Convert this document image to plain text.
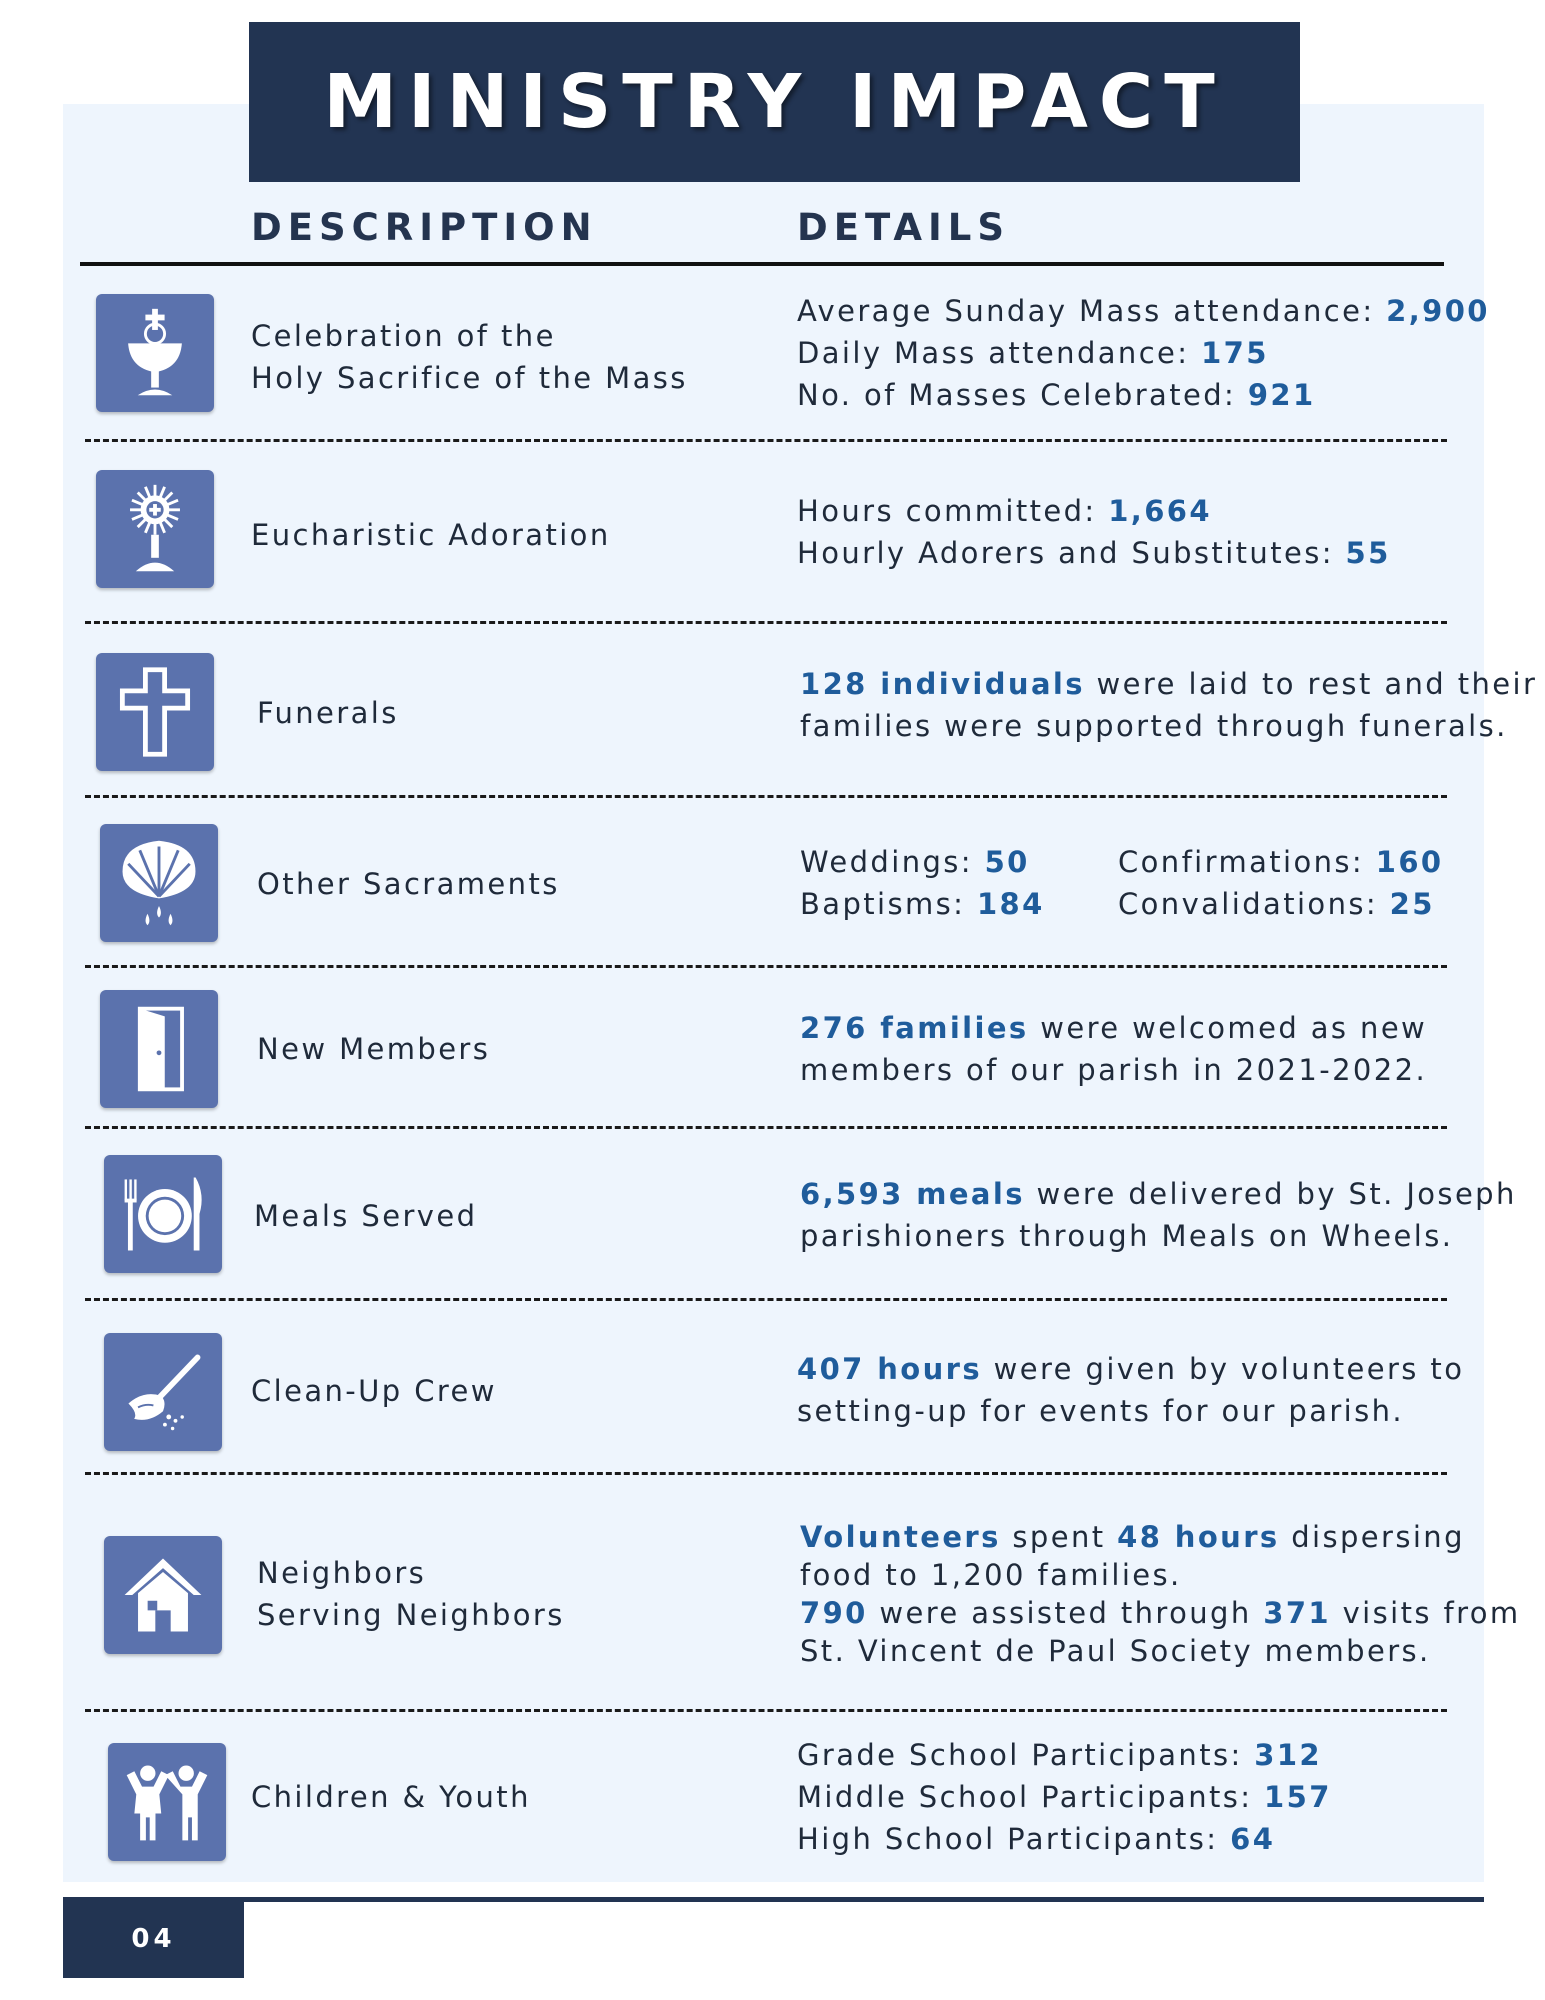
MINISTRY IMPACT
DESCRIPTION	DETAILS
Celebration of the
Holy Sacrifice of the Mass
Average Sunday Mass attendance: 2,900
Daily Mass attendance: 175
No. of Masses Celebrated: 921
Eucharistic Adoration
Hours committed: 1,664
Hourly Adorers and Substitutes: 55
Funerals
128 individuals were laid to rest and their
families were supported through funerals.
Other Sacraments
Weddings: 50
Baptisms: 184
Confirmations: 160
Convalidations: 25
New Members
276 families were welcomed as new
members of our parish in 2021-2022.
Meals Served
6,593 meals were delivered by St. Joseph
parishioners through Meals on Wheels.
Clean-Up Crew
407 hours were given by volunteers to
setting-up for events for our parish.
Neighbors
Serving Neighbors
Volunteers spent 48 hours dispersing
food to 1,200 families.
790 were assisted through 371 visits from
St. Vincent de Paul Society members.
Children & Youth
Grade School Participants: 312
Middle School Participants: 157
High School Participants: 64
04
